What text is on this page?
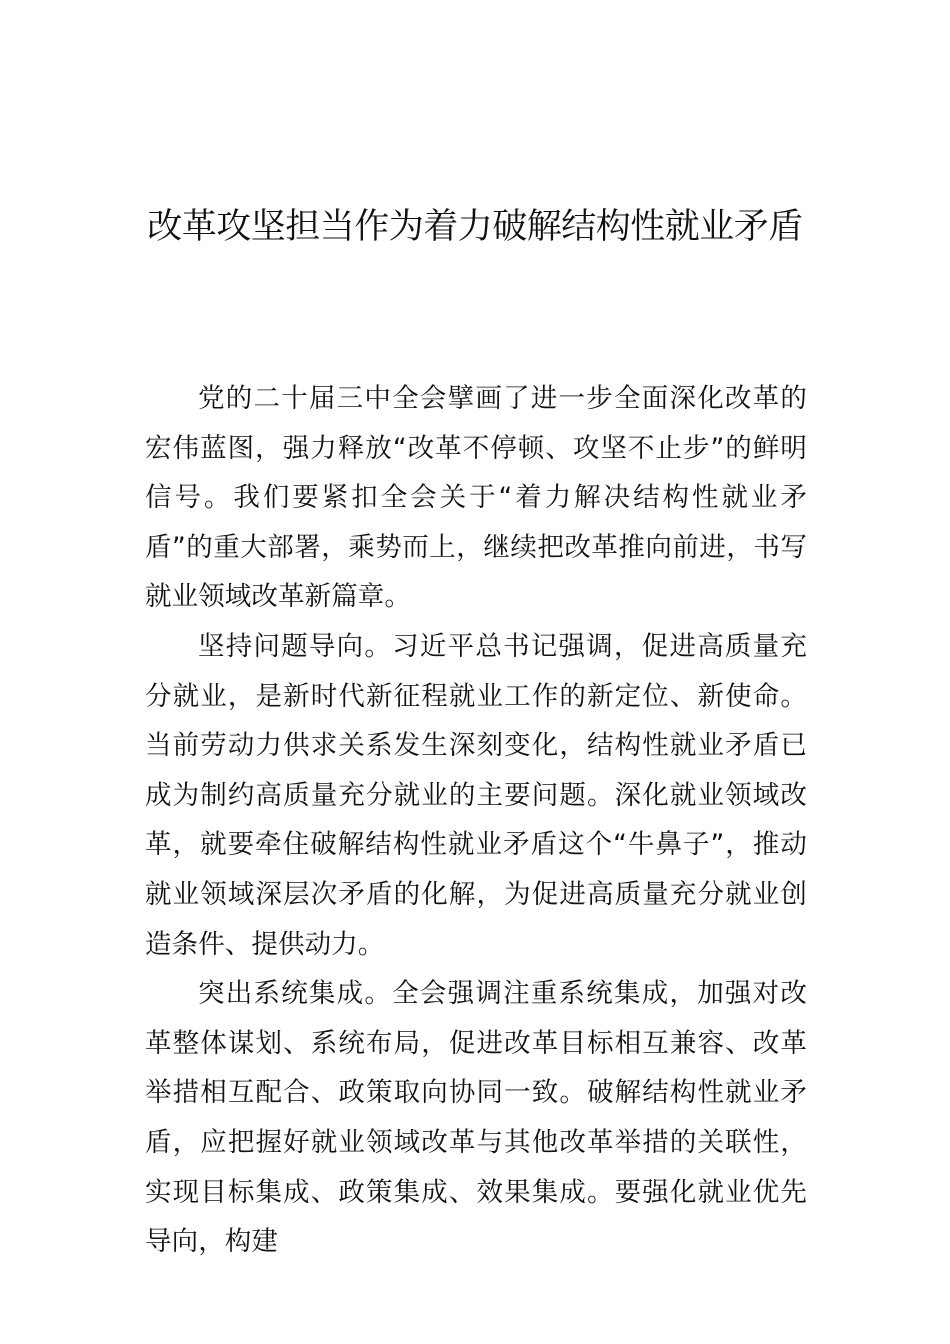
改革攻坚担当作为着力破解结构性就业矛盾

党的二十届三中全会擘画了进一步全面深化改革的宏伟蓝图，强力释放“改革不停顿、攻坚不止步”的鲜明信号。我们要紧扣全会关于“着力解决结构性就业矛盾”的重大部署，乘势而上，继续把改革推向前进，书写就业领域改革新篇章。

坚持问题导向。习近平总书记强调，促进高质量充分就业，是新时代新征程就业工作的新定位、新使命。当前劳动力供求关系发生深刻变化，结构性就业矛盾已成为制约高质量充分就业的主要问题。深化就业领域改革，就要牵住破解结构性就业矛盾这个“牛鼻子”，推动就业领域深层次矛盾的化解，为促进高质量充分就业创造条件、提供动力。

突出系统集成。全会强调注重系统集成，加强对改革整体谋划、系统布局，促进改革目标相互兼容、改革举措相互配合、政策取向协同一致。破解结构性就业矛盾，应把握好就业领域改革与其他改革举措的关联性，实现目标集成、政策集成、效果集成。要强化就业优先导向，构建
